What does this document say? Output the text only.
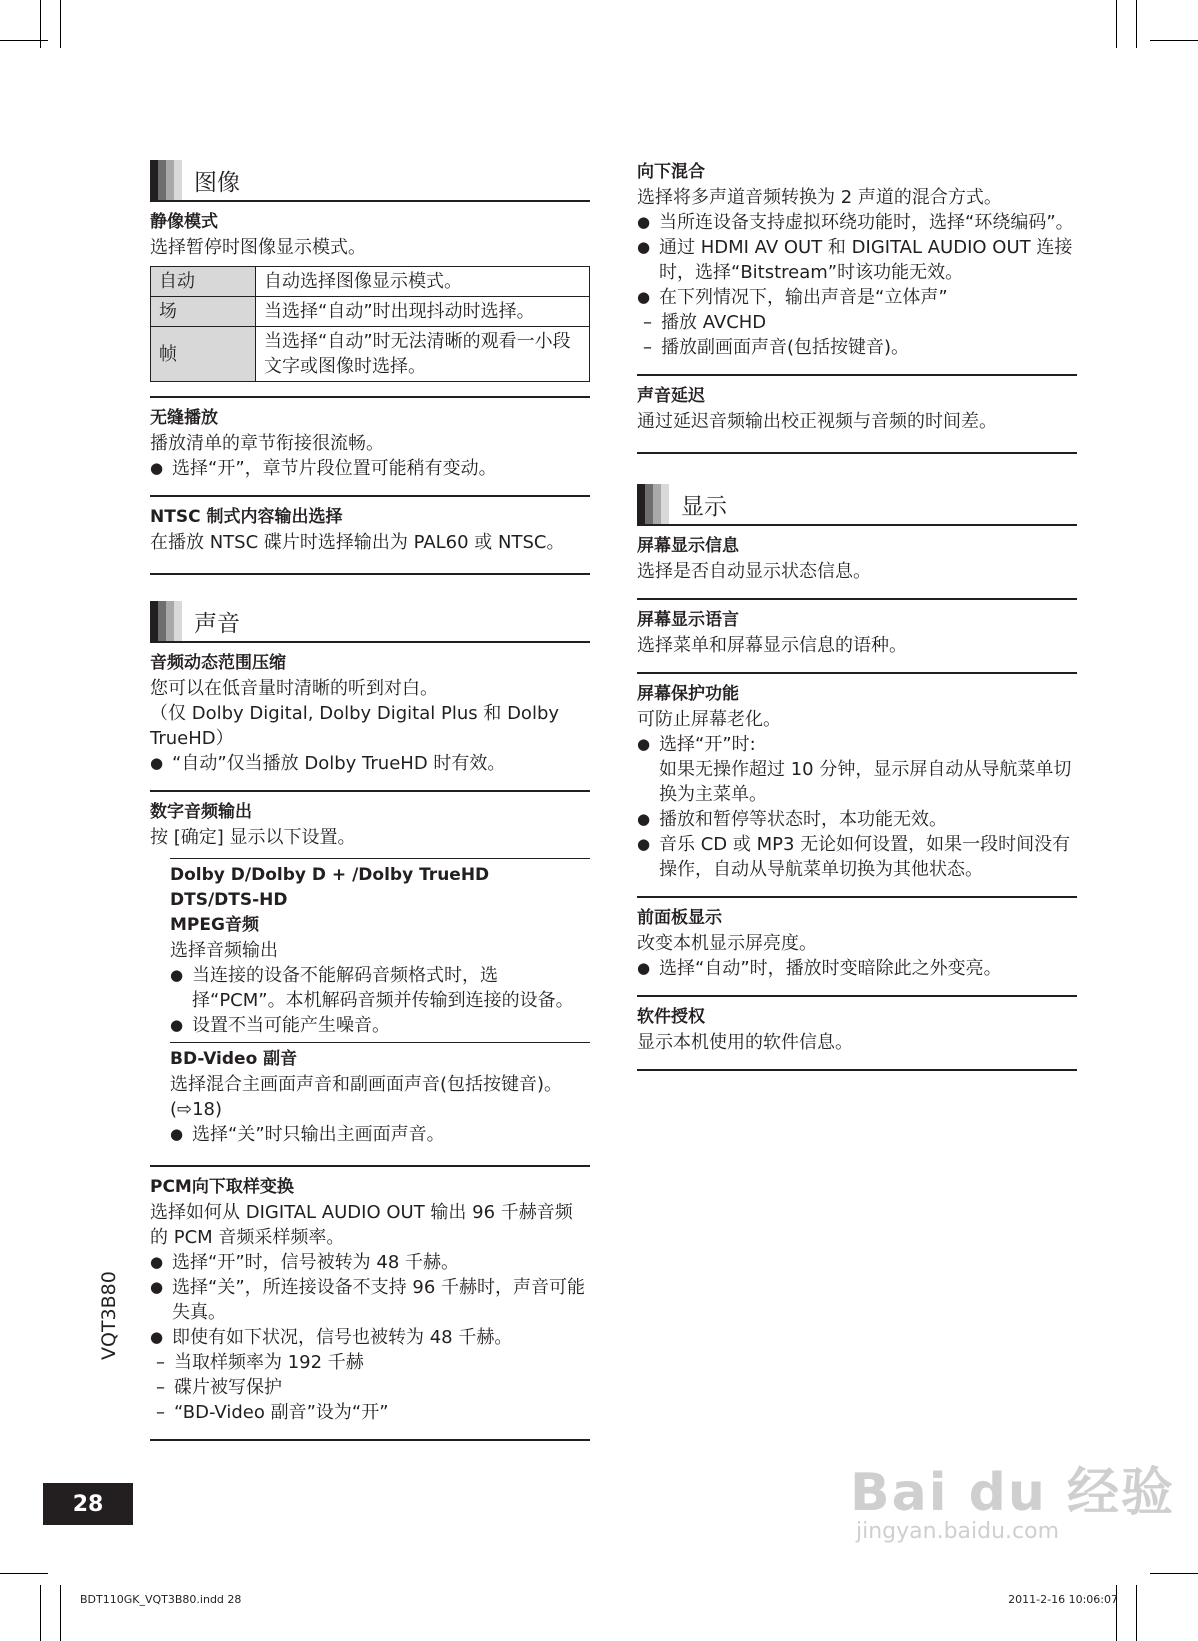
图像
静像模式
选择暂停时图像显示模式。
自动	自动选择图像显示模式。
场	当选择“自动”时出现抖动时选择。
帧	当选择“自动”时无法清晰的观看一小段文字或图像时选择。
无缝播放
播放清单的章节衔接很流畅。
● 选择“开”，章节片段位置可能稍有变动。
NTSC 制式内容输出选择
在播放 NTSC 碟片时选择输出为 PAL60 或 NTSC。
声音
音频动态范围压缩
您可以在低音量时清晰的听到对白。
（仅 Dolby Digital, Dolby Digital Plus 和 Dolby TrueHD）
● “自动”仅当播放 Dolby TrueHD 时有效。
数字音频输出
按 [确定] 显示以下设置。
Dolby D/Dolby D + /Dolby TrueHD
DTS/DTS-HD
MPEG音频
选择音频输出
● 当连接的设备不能解码音频格式时，选择“PCM”。本机解码音频并传输到连接的设备。
● 设置不当可能产生噪音。
BD-Video 副音
选择混合主画面声音和副画面声音(包括按键音)。(⇨18)
● 选择“关”时只输出主画面声音。
PCM向下取样变换
选择如何从 DIGITAL AUDIO OUT 输出 96 千赫音频的 PCM 音频采样频率。
● 选择“开”时，信号被转为 48 千赫。
● 选择“关”，所连接设备不支持 96 千赫时，声音可能失真。
● 即使有如下状况，信号也被转为 48 千赫。
– 当取样频率为 192 千赫
– 碟片被写保护
– “BD-Video 副音”设为“开”
向下混合
选择将多声道音频转换为 2 声道的混合方式。
● 当所连设备支持虚拟环绕功能时，选择“环绕编码”。
● 通过 HDMI AV OUT 和 DIGITAL AUDIO OUT 连接时，选择“Bitstream”时该功能无效。
● 在下列情况下，输出声音是“立体声”
– 播放 AVCHD
– 播放副画面声音(包括按键音)。
声音延迟
通过延迟音频输出校正视频与音频的时间差。
显示
屏幕显示信息
选择是否自动显示状态信息。
屏幕显示语言
选择菜单和屏幕显示信息的语种。
屏幕保护功能
可防止屏幕老化。
● 选择“开”时:
如果无操作超过 10 分钟，显示屏自动从导航菜单切换为主菜单。
● 播放和暂停等状态时，本功能无效。
● 音乐 CD 或 MP3 无论如何设置，如果一段时间没有操作，自动从导航菜单切换为其他状态。
前面板显示
改变本机显示屏亮度。
● 选择“自动”时，播放时变暗除此之外变亮。
软件授权
显示本机使用的软件信息。
VQT3B80
28	Bai du 经验
jingyan.baidu.com
BDT110GK_VQT3B80.indd 28	2011-2-16 10:06:07
